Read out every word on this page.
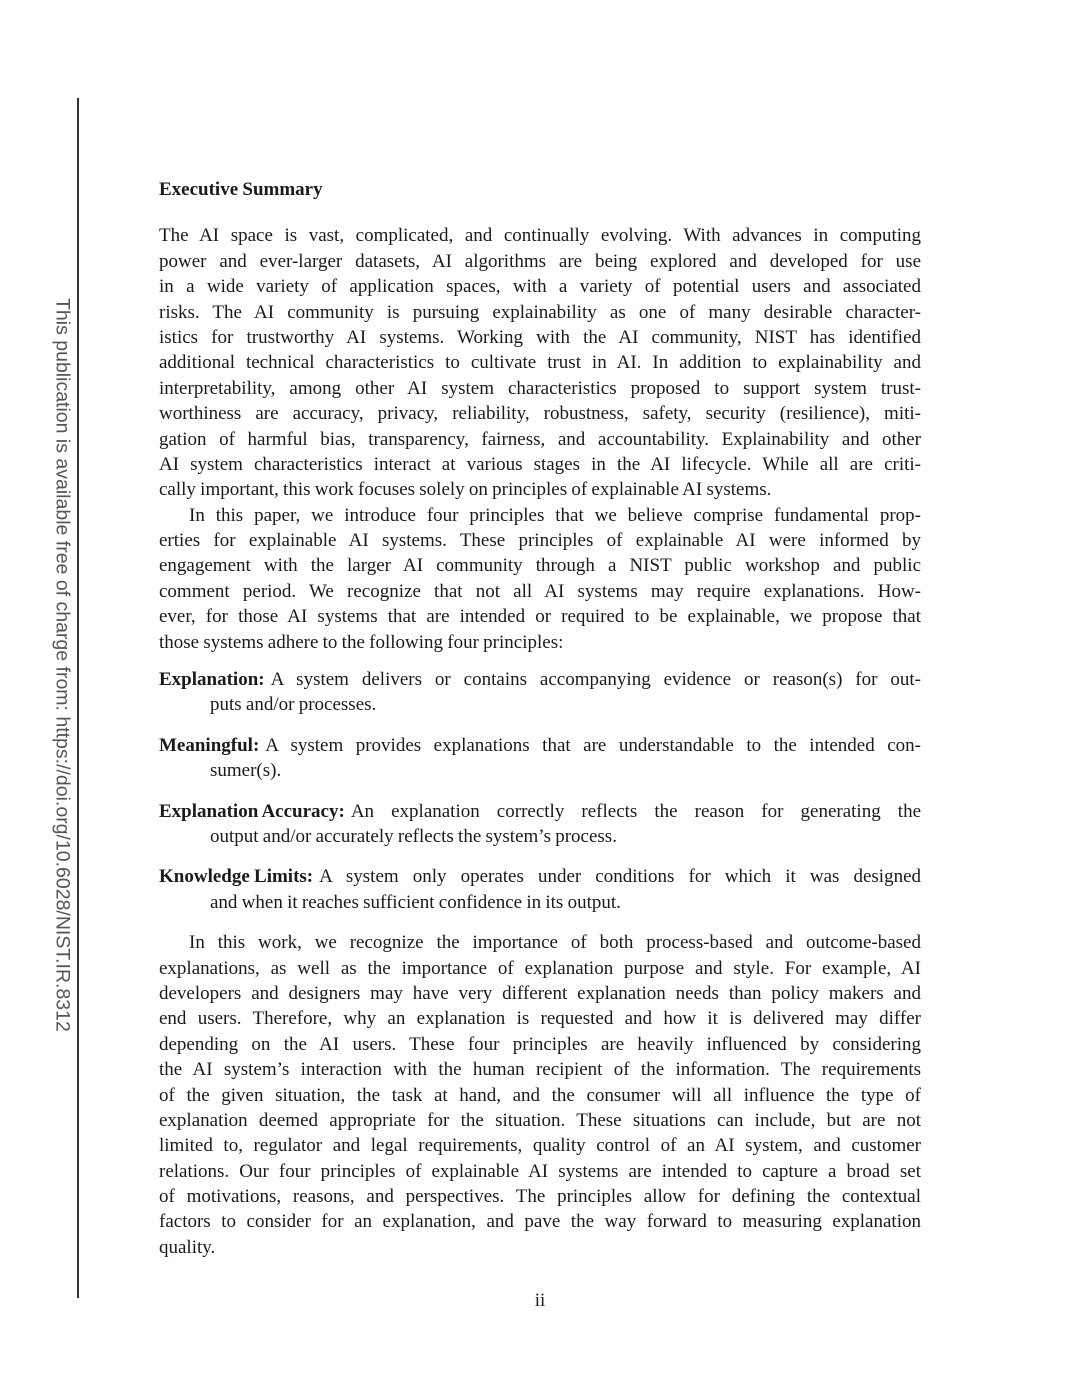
This publication is available free of charge from: https://doi.org/10.6028/NIST.IR.8312
Executive Summary
The AI space is vast, complicated, and continually evolving. With advances in computing
power and ever-larger datasets, AI algorithms are being explored and developed for use
in a wide variety of application spaces, with a variety of potential users and associated
risks. The AI community is pursuing explainability as one of many desirable character-
istics for trustworthy AI systems. Working with the AI community, NIST has identified
additional technical characteristics to cultivate trust in AI. In addition to explainability and
interpretability, among other AI system characteristics proposed to support system trust-
worthiness are accuracy, privacy, reliability, robustness, safety, security (resilience), miti-
gation of harmful bias, transparency, fairness, and accountability. Explainability and other
AI system characteristics interact at various stages in the AI lifecycle. While all are criti-
cally important, this work focuses solely on principles of explainable AI systems.
In this paper, we introduce four principles that we believe comprise fundamental prop-
erties for explainable AI systems. These principles of explainable AI were informed by
engagement with the larger AI community through a NIST public workshop and public
comment period. We recognize that not all AI systems may require explanations. How-
ever, for those AI systems that are intended or required to be explainable, we propose that
those systems adhere to the following four principles:
Explanation: A system delivers or contains accompanying evidence or reason(s) for out-
puts and/or processes.
Meaningful: A system provides explanations that are understandable to the intended con-
sumer(s).
Explanation Accuracy: An explanation correctly reflects the reason for generating the
output and/or accurately reflects the system’s process.
Knowledge Limits: A system only operates under conditions for which it was designed
and when it reaches sufficient confidence in its output.
In this work, we recognize the importance of both process-based and outcome-based
explanations, as well as the importance of explanation purpose and style. For example, AI
developers and designers may have very different explanation needs than policy makers and
end users. Therefore, why an explanation is requested and how it is delivered may differ
depending on the AI users. These four principles are heavily influenced by considering
the AI system’s interaction with the human recipient of the information. The requirements
of the given situation, the task at hand, and the consumer will all influence the type of
explanation deemed appropriate for the situation. These situations can include, but are not
limited to, regulator and legal requirements, quality control of an AI system, and customer
relations. Our four principles of explainable AI systems are intended to capture a broad set
of motivations, reasons, and perspectives. The principles allow for defining the contextual
factors to consider for an explanation, and pave the way forward to measuring explanation
quality.
ii
